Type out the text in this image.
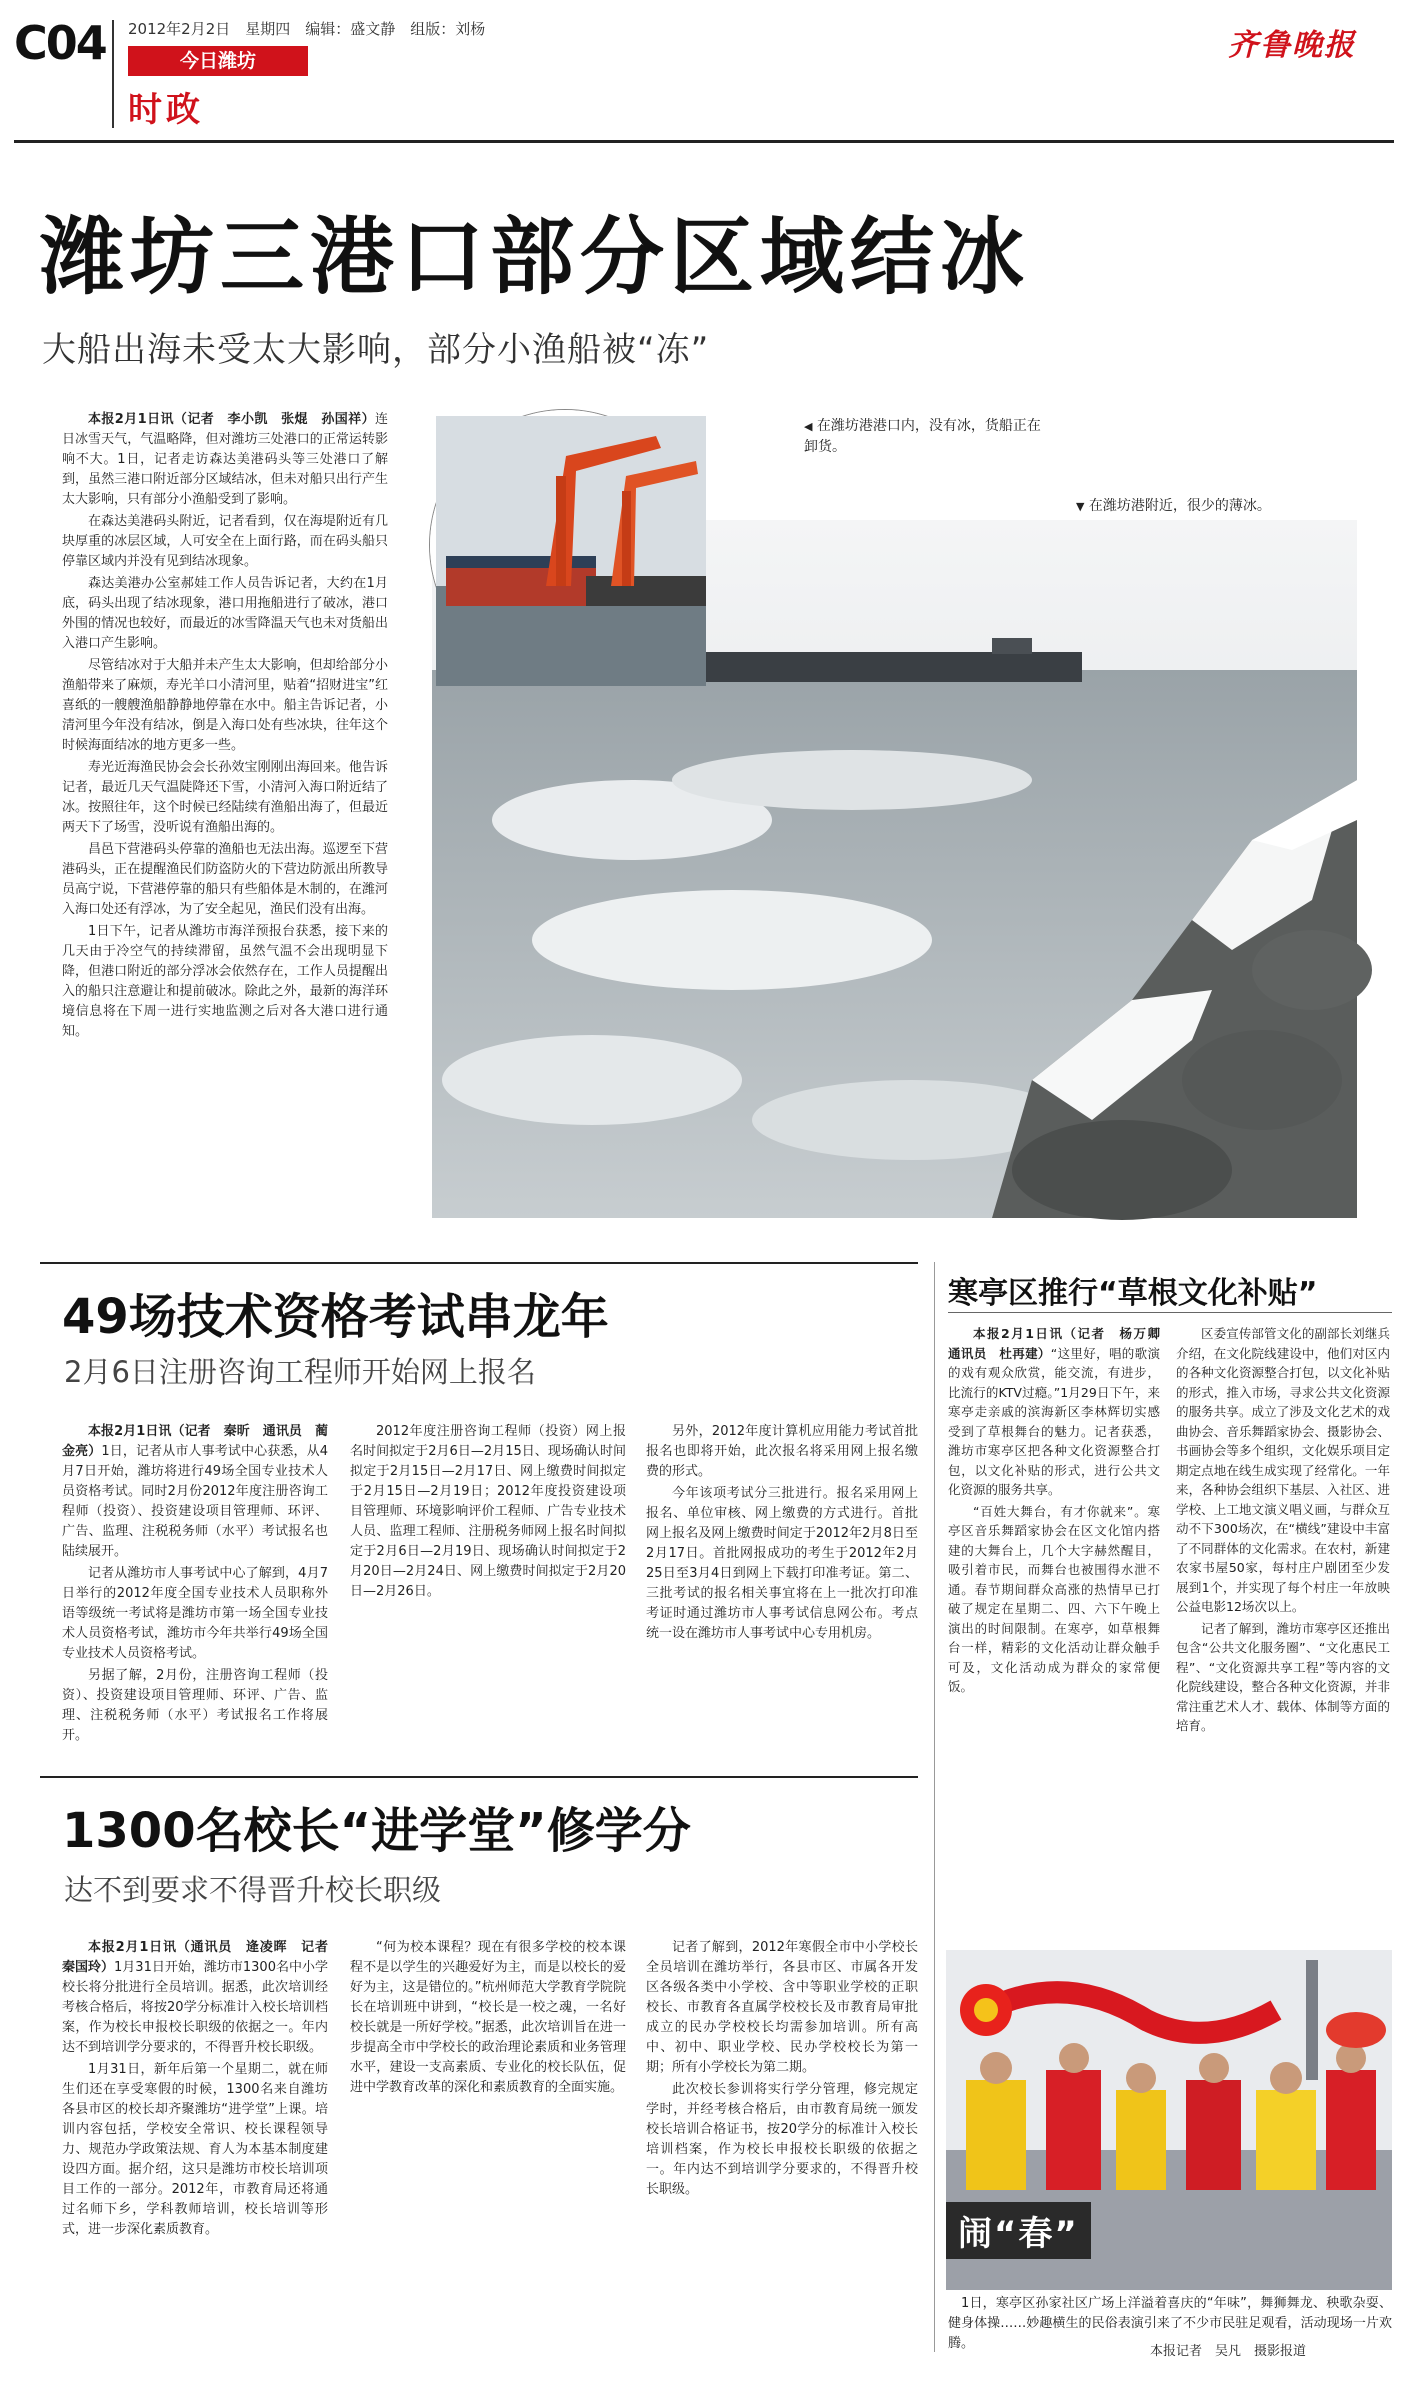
C04 2012年2月2日　星期四　编辑：盛文静　组版：刘杨
今日潍坊
时政
齐鲁晚报
潍坊三港口部分区域结冰
大船出海未受太大影响，部分小渔船被“冻”

本报2月1日讯（记者　李小凯　张焜　孙国祥）连日冰雪天气，气温略降，但对潍坊三处港口的正常运转影响不大。1日，记者走访森达美港码头等三处港口了解到，虽然三港口附近部分区域结冰，但未对船只出行产生太大影响，只有部分小渔船受到了影响。

在森达美港码头附近，记者看到，仅在海堤附近有几块厚重的冰层区域，人可安全在上面行路，而在码头船只停靠区域内并没有见到结冰现象。

森达美港办公室郝娃工作人员告诉记者，大约在1月底，码头出现了结冰现象，港口用拖船进行了破冰，港口外围的情况也较好，而最近的冰雪降温天气也未对货船出入港口产生影响。

尽管结冰对于大船并未产生太大影响，但却给部分小渔船带来了麻烦，寿光羊口小清河里，贴着“招财进宝”红喜纸的一艘艘渔船静静地停靠在水中。船主告诉记者，小清河里今年没有结冰，倒是入海口处有些冰块，往年这个时候海面结冰的地方更多一些。

寿光近海渔民协会会长孙效宝刚刚出海回来。他告诉记者，最近几天气温陡降还下雪，小清河入海口附近结了冰。按照往年，这个时候已经陆续有渔船出海了，但最近两天下了场雪，没听说有渔船出海的。

昌邑下营港码头停靠的渔船也无法出海。巡逻至下营港码头，正在提醒渔民们防盗防火的下营边防派出所教导员高宁说，下营港停靠的船只有些船体是木制的，在潍河入海口处还有浮冰，为了安全起见，渔民们没有出海。

1日下午，记者从潍坊市海洋预报台获悉，接下来的几天由于冷空气的持续滞留，虽然气温不会出现明显下降，但港口附近的部分浮冰会依然存在，工作人员提醒出入的船只注意避让和提前破冰。除此之外，最新的海洋环境信息将在下周一进行实地监测之后对各大港口进行通知。

◀ 在潍坊港港口内，没有冰，货船正在卸货。
▼ 在潍坊港附近，很少的薄冰。
49场技术资格考试串龙年
2月6日注册咨询工程师开始网上报名

本报2月1日讯（记者　秦昕　通讯员　蔺金亮）1日，记者从市人事考试中心获悉，从4月7日开始，潍坊将进行49场全国专业技术人员资格考试。同时2月份2012年度注册咨询工程师（投资）、投资建设项目管理师、环评、广告、监理、注税税务师（水平）考试报名也陆续展开。

记者从潍坊市人事考试中心了解到，4月7日举行的2012年度全国专业技术人员职称外语等级统一考试将是潍坊市第一场全国专业技术人员资格考试，潍坊市今年共举行49场全国专业技术人员资格考试。

另据了解，2月份，注册咨询工程师（投资）、投资建设项目管理师、环评、广告、监理、注税税务师（水平）考试报名工作将展开。

2012年度注册咨询工程师（投资）网上报名时间拟定于2月6日—2月15日、现场确认时间拟定于2月15日—2月17日、网上缴费时间拟定于2月15日—2月19日；2012年度投资建设项目管理师、环境影响评价工程师、广告专业技术人员、监理工程师、注册税务师网上报名时间拟定于2月6日—2月19日、现场确认时间拟定于2月20日—2月24日、网上缴费时间拟定于2月20日—2月26日。

另外，2012年度计算机应用能力考试首批报名也即将开始，此次报名将采用网上报名缴费的形式。

今年该项考试分三批进行。报名采用网上报名、单位审核、网上缴费的方式进行。首批网上报名及网上缴费时间定于2012年2月8日至2月17日。首批网报成功的考生于2012年2月25日至3月4日到网上下载打印准考证。第二、三批考试的报名相关事宜将在上一批次打印准考证时通过潍坊市人事考试信息网公布。考点统一设在潍坊市人事考试中心专用机房。

1300名校长“进学堂”修学分
达不到要求不得晋升校长职级

本报2月1日讯（通讯员　逄凌晖　记者　秦国玲）1月31日开始，潍坊市1300名中小学校长将分批进行全员培训。据悉，此次培训经考核合格后，将按20学分标准计入校长培训档案，作为校长申报校长职级的依据之一。年内达不到培训学分要求的，不得晋升校长职级。

1月31日，新年后第一个星期二，就在师生们还在享受寒假的时候，1300名来自潍坊各县市区的校长却齐聚潍坊“进学堂”上课。培训内容包括，学校安全常识、校长课程领导力、规范办学政策法规、育人为本基本制度建设四方面。据介绍，这只是潍坊市校长培训项目工作的一部分。2012年，市教育局还将通过名师下乡，学科教师培训，校长培训等形式，进一步深化素质教育。

“何为校本课程？现在有很多学校的校本课程不是以学生的兴趣爱好为主，而是以校长的爱好为主，这是错位的。”杭州师范大学教育学院院长在培训班中讲到，“校长是一校之魂，一名好校长就是一所好学校。”据悉，此次培训旨在进一步提高全市中学校长的政治理论素质和业务管理水平，建设一支高素质、专业化的校长队伍，促进中学教育改革的深化和素质教育的全面实施。

记者了解到，2012年寒假全市中小学校长全员培训在潍坊举行，各县市区、市属各开发区各级各类中小学校、含中等职业学校的正职校长、市教育各直属学校校长及市教育局审批成立的民办学校校长均需参加培训。所有高中、初中、职业学校、民办学校校长为第一期；所有小学校长为第二期。

此次校长参训将实行学分管理，修完规定学时，并经考核合格后，由市教育局统一颁发校长培训合格证书，按20学分的标准计入校长培训档案，作为校长申报校长职级的依据之一。年内达不到培训学分要求的，不得晋升校长职级。

寒亭区推行“草根文化补贴”

本报2月1日讯（记者　杨万卿　通讯员　杜再建）“这里好，唱的歌演的戏有观众欣赏，能交流，有进步，比流行的KTV过瘾。”1月29日下午，来寒亭走亲戚的滨海新区李林辉切实感受到了草根舞台的魅力。记者获悉，潍坊市寒亭区把各种文化资源整合打包，以文化补贴的形式，进行公共文化资源的服务共享。

“百姓大舞台，有才你就来”。寒亭区音乐舞蹈家协会在区文化馆内搭建的大舞台上，几个大字赫然醒目，吸引着市民，而舞台也被围得水泄不通。春节期间群众高涨的热情早已打破了规定在星期二、四、六下午晚上演出的时间限制。在寒亭，如草根舞台一样，精彩的文化活动让群众触手可及，文化活动成为群众的家常便饭。

区委宣传部管文化的副部长刘继兵介绍，在文化院线建设中，他们对区内的各种文化资源整合打包，以文化补贴的形式，推入市场，寻求公共文化资源的服务共享。成立了涉及文化艺术的戏曲协会、音乐舞蹈家协会、摄影协会、书画协会等多个组织，文化娱乐项目定期定点地在线生成实现了经常化。一年来，各种协会组织下基层、入社区、进学校、上工地文演义唱义画，与群众互动不下300场次，在“横线”建设中丰富了不同群体的文化需求。在农村，新建农家书屋50家，每村庄户剧团至少发展到1个，并实现了每个村庄一年放映公益电影12场次以上。

记者了解到，潍坊市寒亭区还推出包含“公共文化服务圈”、“文化惠民工程”、“文化资源共享工程”等内容的文化院线建设，整合各种文化资源，并非常注重艺术人才、载体、体制等方面的培育。

闹“春”
1日，寒亭区孙家社区广场上洋溢着喜庆的“年味”，舞狮舞龙、秧歌杂耍、健身体操……妙趣横生的民俗表演引来了不少市民驻足观看，活动现场一片欢腾。
本报记者　吴凡　摄影报道
